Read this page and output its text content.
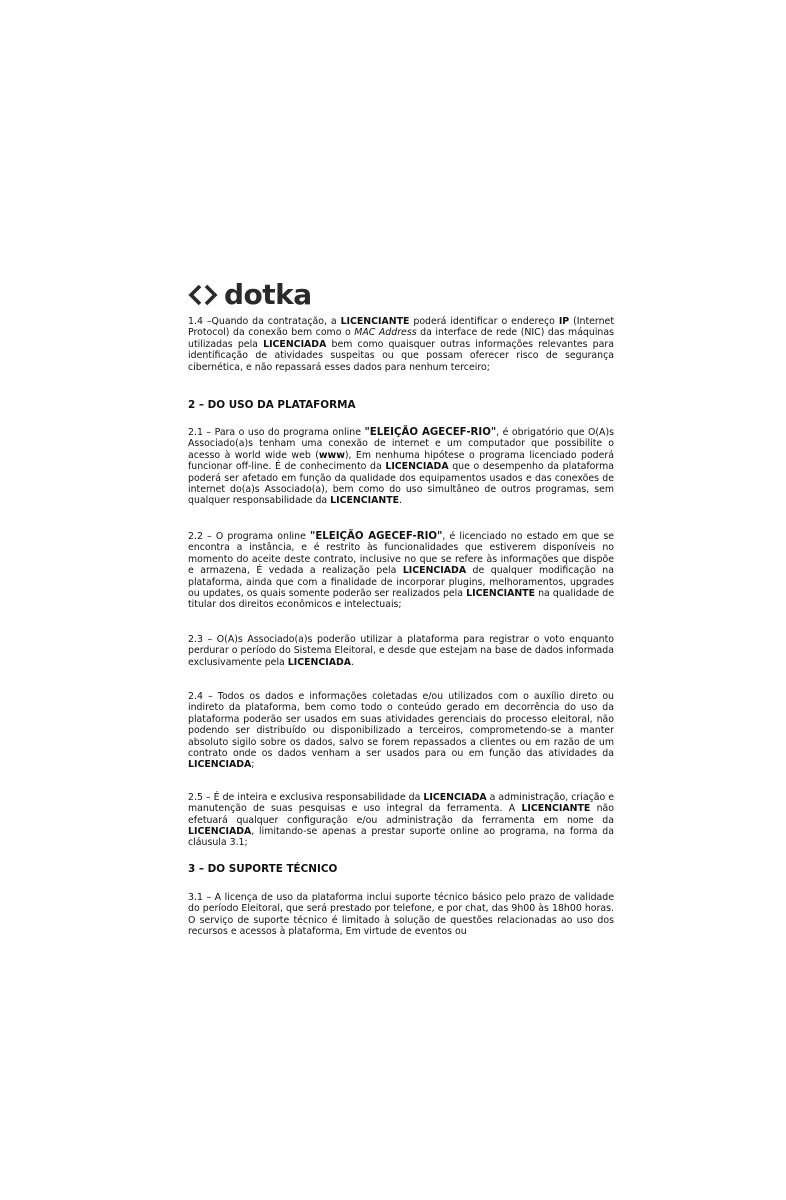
dotka

1.4 –Quando da contratação, a LICENCIANTE poderá identificar o endereço IP (Internet Protocol) da conexão bem como o MAC Address da interface de rede (NIC) das máquinas utilizadas pela LICENCIADA bem como quaisquer outras informações relevantes para identificação de atividades suspeitas ou que possam oferecer risco de segurança cibernética, e não repassará esses dados para nenhum terceiro;

2 – DO USO DA PLATAFORMA

2.1 – Para o uso do programa online "ELEIÇÃO AGECEF-RIO", é obrigatório que O(A)s Associado(a)s tenham uma conexão de internet e um computador que possibilite o acesso à world wide web (www), Em nenhuma hipótese o programa licenciado poderá funcionar off-line. É de conhecimento da LICENCIADA que o desempenho da plataforma poderá ser afetado em função da qualidade dos equipamentos usados e das conexões de internet do(a)s Associado(a), bem como do uso simultâneo de outros programas, sem qualquer responsabilidade da LICENCIANTE.

2.2 – O programa online "ELEIÇÃO AGECEF-RIO", é licenciado no estado em que se encontra a instância, e é restrito às funcionalidades que estiverem disponíveis no momento do aceite deste contrato, inclusive no que se refere às informações que dispõe e armazena, É vedada a realização pela LICENCIADA de qualquer modificação na plataforma, ainda que com a finalidade de incorporar plugins, melhoramentos, upgrades ou updates, os quais somente poderão ser realizados pela LICENCIANTE na qualidade de titular dos direitos econômicos e intelectuais;

2.3 – O(A)s Associado(a)s poderão utilizar a plataforma para registrar o voto enquanto perdurar o período do Sistema Eleitoral, e desde que estejam na base de dados informada exclusivamente pela LICENCIADA.

2.4 – Todos os dados e informações coletadas e/ou utilizados com o auxílio direto ou indireto da plataforma, bem como todo o conteúdo gerado em decorrência do uso da plataforma poderão ser usados em suas atividades gerenciais do processo eleitoral, não podendo ser distribuído ou disponibilizado a terceiros, comprometendo-se a manter absoluto sigilo sobre os dados, salvo se forem repassados a clientes ou em razão de um contrato onde os dados venham a ser usados para ou em função das atividades da LICENCIADA;

2.5 – É de inteira e exclusiva responsabilidade da LICENCIADA a administração, criação e manutenção de suas pesquisas e uso integral da ferramenta. A LICENCIANTE não efetuará qualquer configuração e/ou administração da ferramenta em nome da LICENCIADA, limitando-se apenas a prestar suporte online ao programa, na forma da cláusula 3.1;

3 – DO SUPORTE TÉCNICO

3.1 – A licença de uso da plataforma inclui suporte técnico básico pelo prazo de validade do período Eleitoral, que será prestado por telefone, e por chat, das 9h00 às 18h00 horas. O serviço de suporte técnico é limitado à solução de questões relacionadas ao uso dos recursos e acessos à plataforma, Em virtude de eventos ou
